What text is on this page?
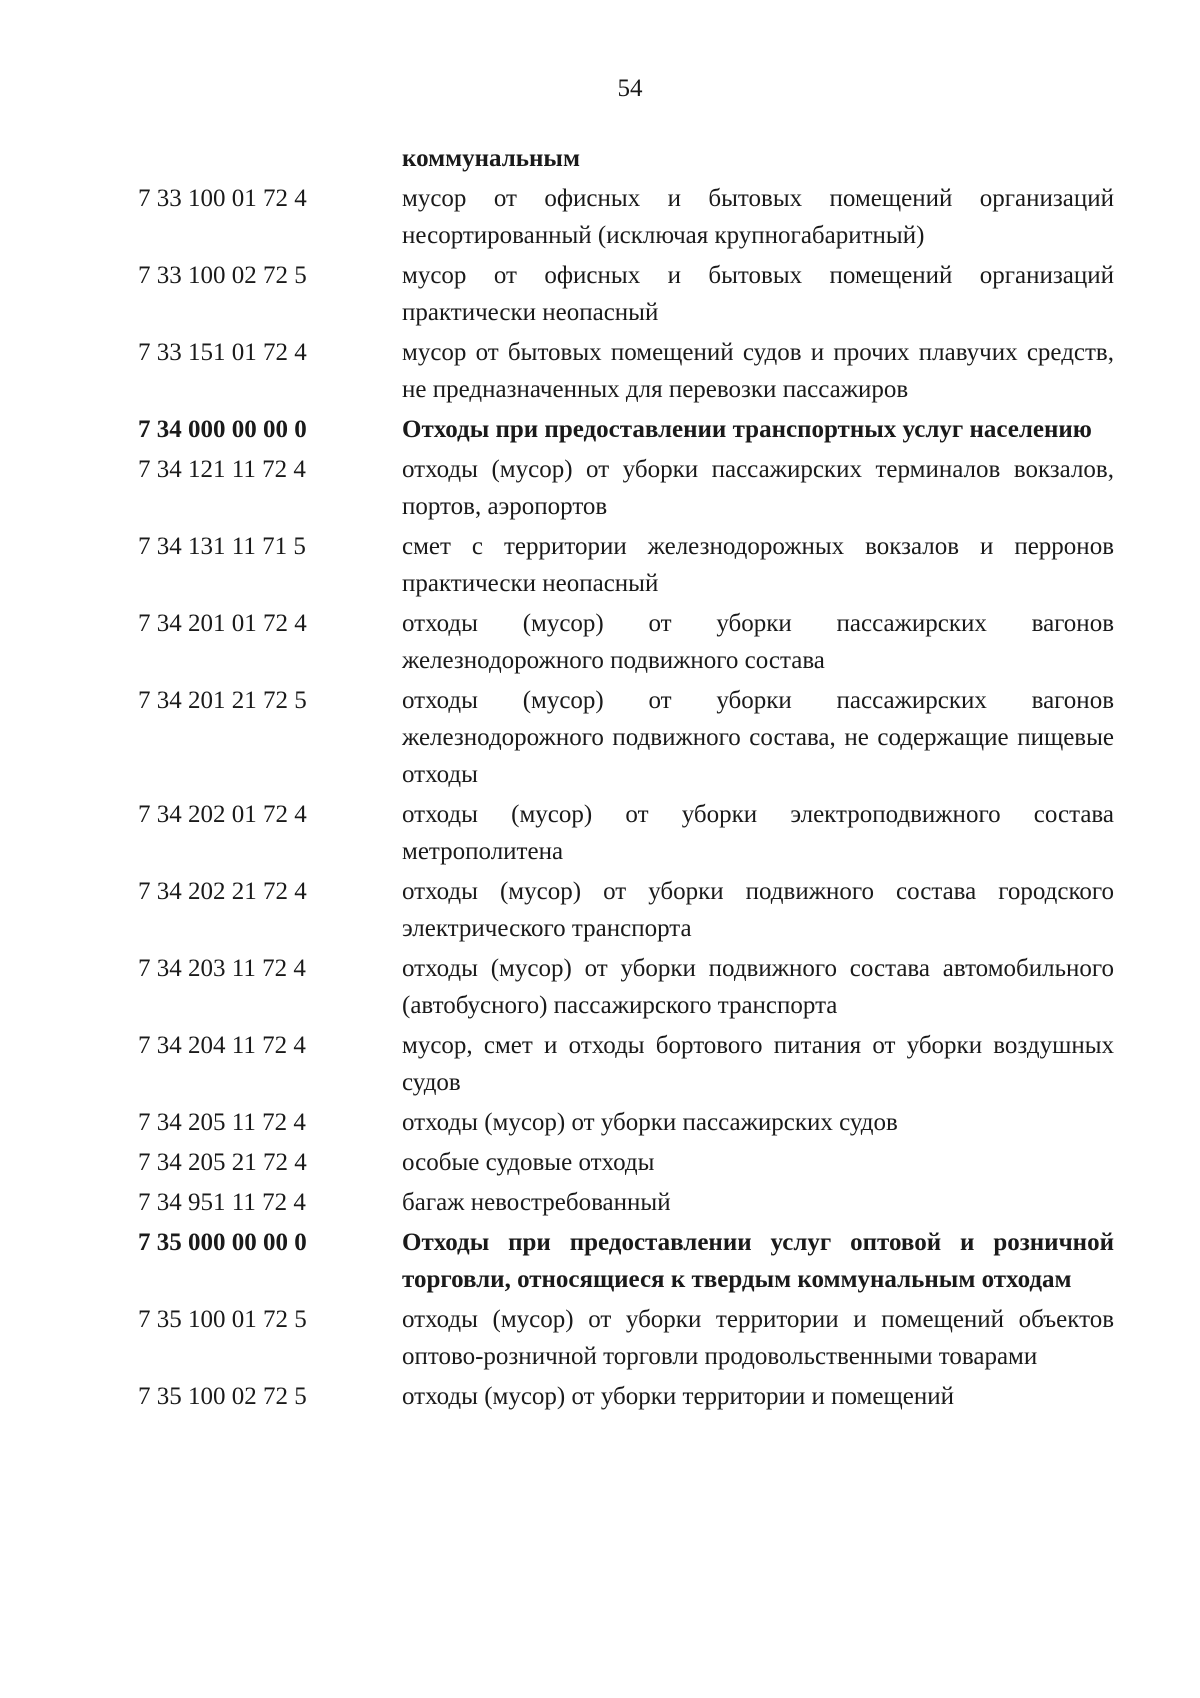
54
коммунальным
7 33 100 01 72 4	мусор от офисных и бытовых помещений организаций несортированный (исключая крупногабаритный)
7 33 100 02 72 5	мусор от офисных и бытовых помещений организаций практически неопасный
7 33 151 01 72 4	мусор от бытовых помещений судов и прочих плавучих средств, не предназначенных для перевозки пассажиров
7 34 000 00 00 0	Отходы при предоставлении транспортных услуг населению
7 34 121 11 72 4	отходы (мусор) от уборки пассажирских терминалов вокзалов, портов, аэропортов
7 34 131 11 71 5	смет с территории железнодорожных вокзалов и перронов практически неопасный
7 34 201 01 72 4	отходы (мусор) от уборки пассажирских вагонов железнодорожного подвижного состава
7 34 201 21 72 5	отходы (мусор) от уборки пассажирских вагонов железнодорожного подвижного состава, не содержащие пищевые отходы
7 34 202 01 72 4	отходы (мусор) от уборки электроподвижного состава метрополитена
7 34 202 21 72 4	отходы (мусор) от уборки подвижного состава городского электрического транспорта
7 34 203 11 72 4	отходы (мусор) от уборки подвижного состава автомобильного (автобусного) пассажирского транспорта
7 34 204 11 72 4	мусор, смет и отходы бортового питания от уборки воздушных судов
7 34 205 11 72 4	отходы (мусор) от уборки пассажирских судов
7 34 205 21 72 4	особые судовые отходы
7 34 951 11 72 4	багаж невостребованный
7 35 000 00 00 0	Отходы при предоставлении услуг оптовой и розничной торговли, относящиеся к твердым коммунальным отходам
7 35 100 01 72 5	отходы (мусор) от уборки территории и помещений объектов оптово-розничной торговли продовольственными товарами
7 35 100 02 72 5	отходы (мусор) от уборки территории и помещений
